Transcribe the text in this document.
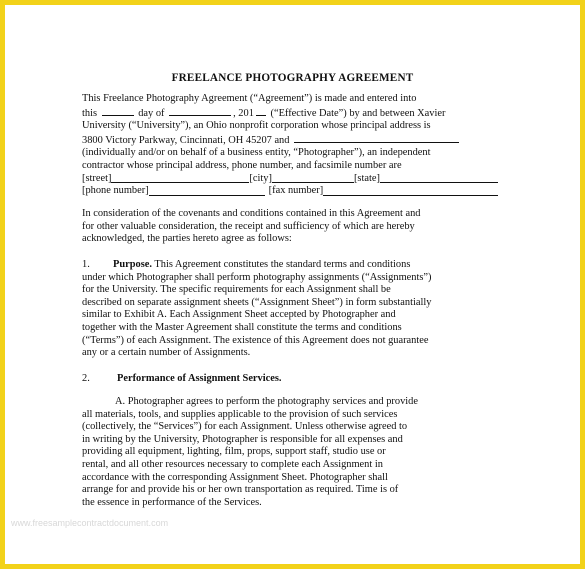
FREELANCE PHOTOGRAPHY AGREEMENT
This Freelance Photography Agreement (“Agreement”) is made and entered into
this	day of	, 201 (“Effective Date”) by and between Xavier
University (“University”), an Ohio nonprofit corporation whose principal address is
3800 Victory Parkway, Cincinnati, OH 45207 and
(individually and/or on behalf of a business entity, “Photographer”), an independent
contractor whose principal address, phone number, and facsimile number are
[street]	[city]	[state]
[phone number]	[fax number]
In consideration of the covenants and conditions contained in this Agreement and
for other valuable consideration, the receipt and sufficiency of which are hereby
acknowledged, the parties hereto agree as follows:
1. Purpose. This Agreement constitutes the standard terms and conditions
under which Photographer shall perform photography assignments (“Assignments”)
for the University. The specific requirements for each Assignment shall be
described on separate assignment sheets (“Assignment Sheet”) in form substantially
similar to Exhibit A. Each Assignment Sheet accepted by Photographer and
together with the Master Agreement shall constitute the terms and conditions
(“Terms”) of each Assignment. The existence of this Agreement does not guarantee
any or a certain number of Assignments.
2.	Performance of Assignment Services.
A. Photographer agrees to perform the photography services and provide
all materials, tools, and supplies applicable to the provision of such services
(collectively, the “Services”) for each Assignment. Unless otherwise agreed to
in writing by the University, Photographer is responsible for all expenses and
providing all equipment, lighting, film, props, support staff, studio use or
rental, and all other resources necessary to complete each Assignment in
accordance with the corresponding Assignment Sheet. Photographer shall
arrange for and provide his or her own transportation as required. Time is of
the essence in performance of the Services.
www.freesamplecontractdocument.com
